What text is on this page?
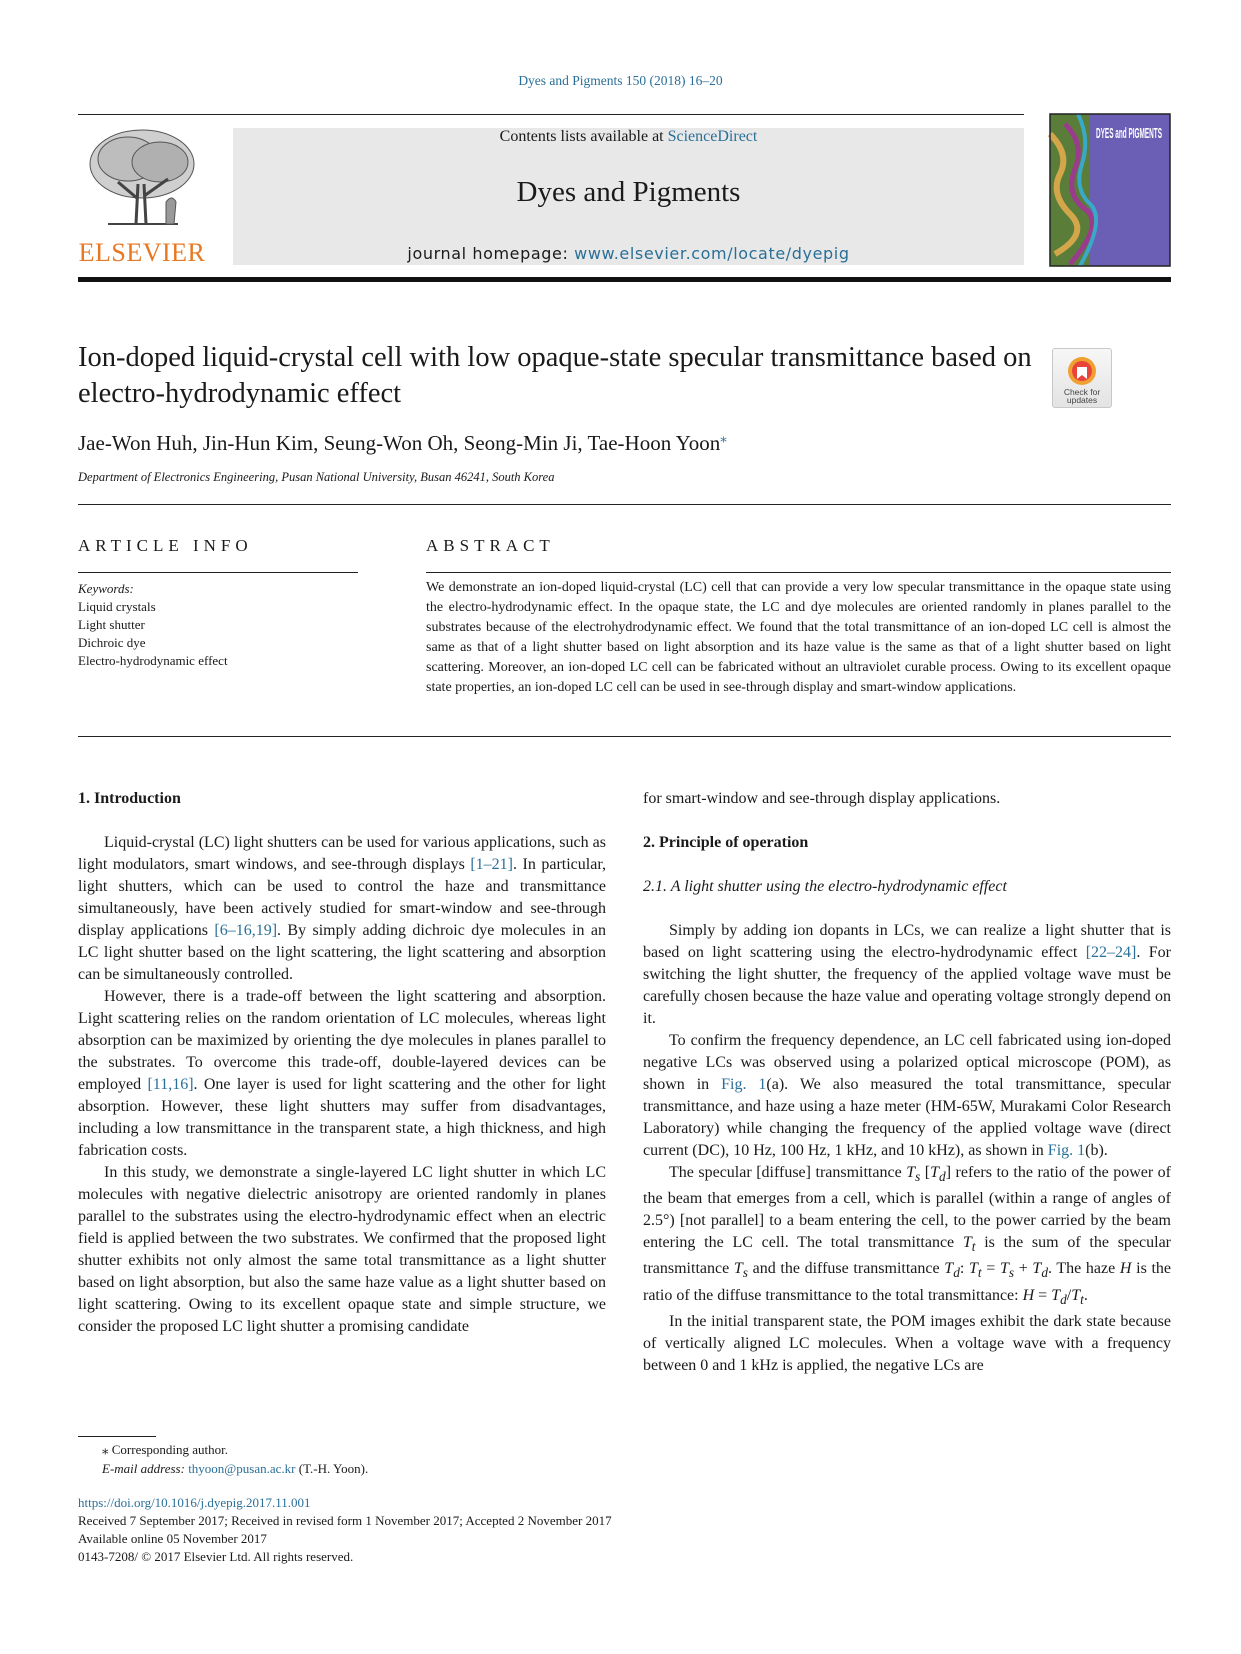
Dyes and Pigments 150 (2018) 16–20
ELSEVIER
Contents lists available at ScienceDirect
Dyes and Pigments
journal homepage: www.elsevier.com/locate/dyepig
DYES and PIGMENTS
Ion-doped liquid-crystal cell with low opaque-state specular transmittance based on electro-hydrodynamic effect	Check for
updates
Jae-Won Huh, Jin-Hun Kim, Seung-Won Oh, Seong-Min Ji, Tae-Hoon Yoon⁎
Department of Electronics Engineering, Pusan National University, Busan 46241, South Korea
ARTICLE INFO	ABSTRACT
Keywords:
Liquid crystals
Light shutter
Dichroic dye
Electro-hydrodynamic effect
We demonstrate an ion-doped liquid-crystal (LC) cell that can provide a very low specular transmittance in the opaque state using the electro-hydrodynamic effect. In the opaque state, the LC and dye molecules are oriented randomly in planes parallel to the substrates because of the electrohydrodynamic effect. We found that the total transmittance of an ion-doped LC cell is almost the same as that of a light shutter based on light absorption and its haze value is the same as that of a light shutter based on light scattering. Moreover, an ion-doped LC cell can be fabricated without an ultraviolet curable process. Owing to its excellent opaque state properties, an ion-doped LC cell can be used in see-through display and smart-window applications.
1. Introduction

Liquid-crystal (LC) light shutters can be used for various applications, such as light modulators, smart windows, and see-through displays [1–21]. In particular, light shutters, which can be used to control the haze and transmittance simultaneously, have been actively studied for smart-window and see-through display applications [6–16,19]. By simply adding dichroic dye molecules in an LC light shutter based on the light scattering, the light scattering and absorption can be simultaneously controlled.

However, there is a trade-off between the light scattering and absorption. Light scattering relies on the random orientation of LC molecules, whereas light absorption can be maximized by orienting the dye molecules in planes parallel to the substrates. To overcome this trade-off, double-layered devices can be employed [11,16]. One layer is used for light scattering and the other for light absorption. However, these light shutters may suffer from disadvantages, including a low transmittance in the transparent state, a high thickness, and high fabrication costs.

In this study, we demonstrate a single-layered LC light shutter in which LC molecules with negative dielectric anisotropy are oriented randomly in planes parallel to the substrates using the electro-hydrodynamic effect when an electric field is applied between the two substrates. We confirmed that the proposed light shutter exhibits not only almost the same total transmittance as a light shutter based on light absorption, but also the same haze value as a light shutter based on light scattering. Owing to its excellent opaque state and simple structure, we consider the proposed LC light shutter a promising candidate

for smart-window and see-through display applications.
2. Principle of operation
2.1. A light shutter using the electro-hydrodynamic effect

Simply by adding ion dopants in LCs, we can realize a light shutter that is based on light scattering using the electro-hydrodynamic effect [22–24]. For switching the light shutter, the frequency of the applied voltage wave must be carefully chosen because the haze value and operating voltage strongly depend on it.

To confirm the frequency dependence, an LC cell fabricated using ion-doped negative LCs was observed using a polarized optical microscope (POM), as shown in Fig. 1(a). We also measured the total transmittance, specular transmittance, and haze using a haze meter (HM-65W, Murakami Color Research Laboratory) while changing the frequency of the applied voltage wave (direct current (DC), 10 Hz, 100 Hz, 1 kHz, and 10 kHz), as shown in Fig. 1(b).

The specular [diffuse] transmittance $T_s$ $[T_d]$ refers to the ratio of the power of the beam that emerges from a cell, which is parallel (within a range of angles of 2.5°) [not parallel] to a beam entering the cell, to the power carried by the beam entering the LC cell. The total transmittance $T_t$ is the sum of the specular transmittance $T_s$ and the diffuse transmittance $T_d$: $T_t = T_s + T_d$. The haze H is the ratio of the diffuse transmittance to the total transmittance: $H = T_d/T_t$.

In the initial transparent state, the POM images exhibit the dark state because of vertically aligned LC molecules. When a voltage wave with a frequency between 0 and 1 kHz is applied, the negative LCs are

⁎ Corresponding author.
E-mail address: thyoon@pusan.ac.kr (T.-H. Yoon).
https://doi.org/10.1016/j.dyepig.2017.11.001
Received 7 September 2017; Received in revised form 1 November 2017; Accepted 2 November 2017
Available online 05 November 2017
0143-7208/ © 2017 Elsevier Ltd. All rights reserved.
